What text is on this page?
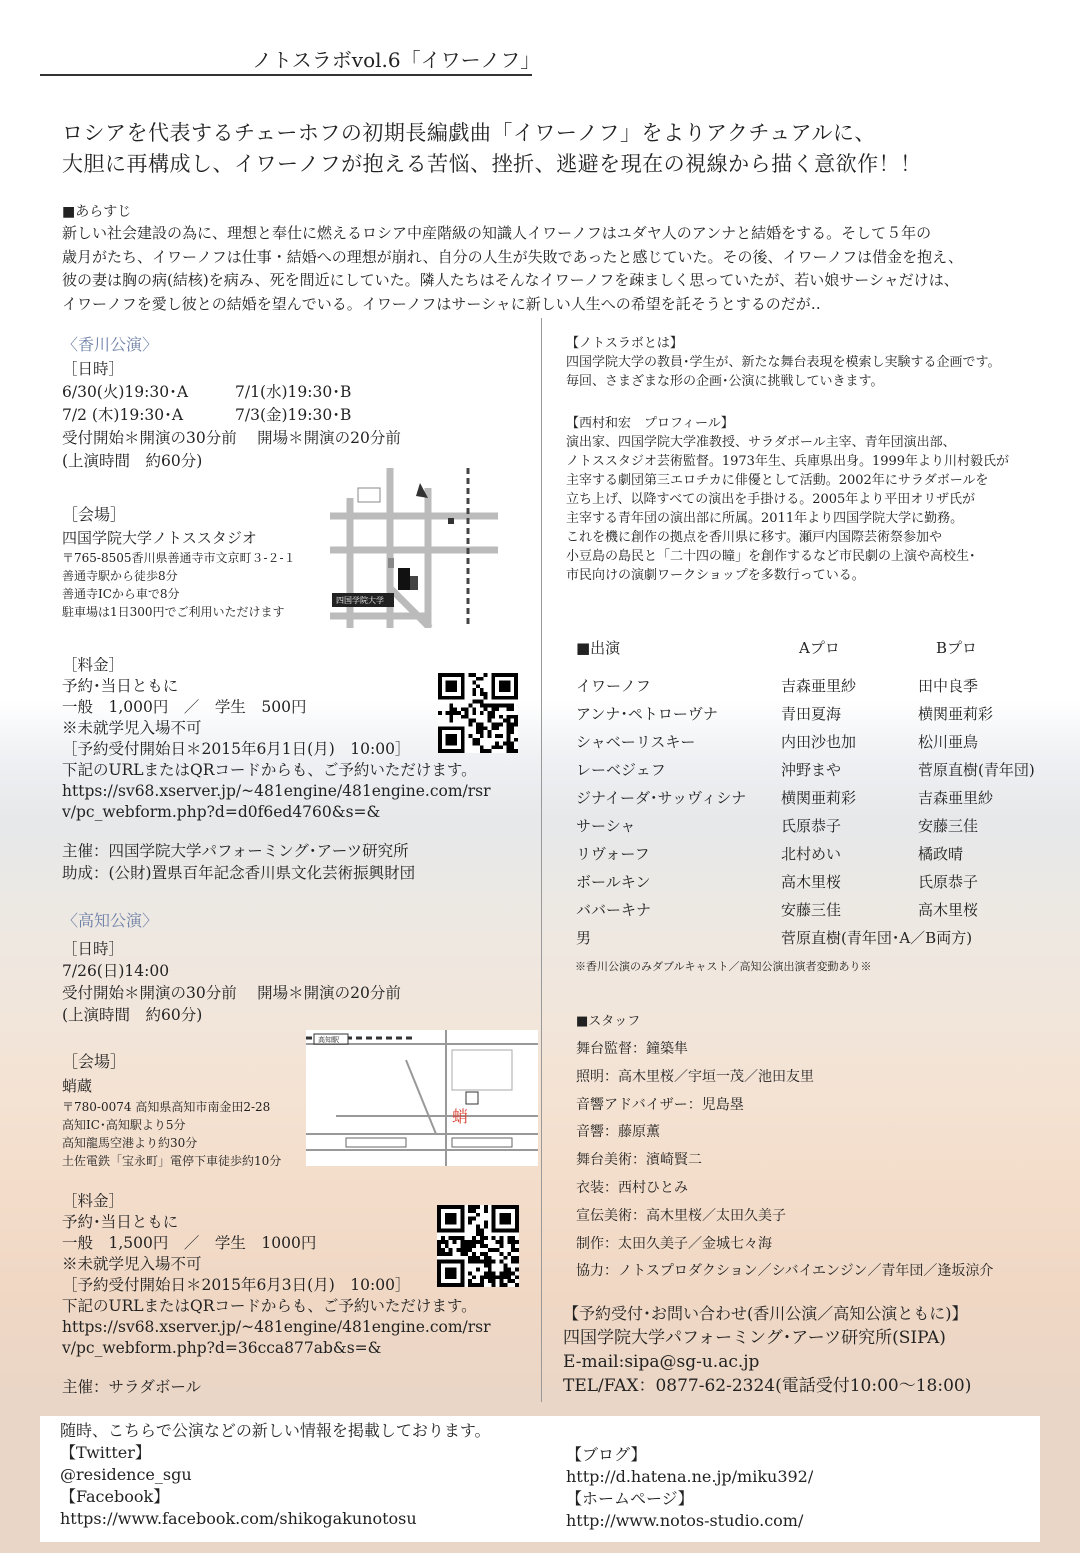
ノトスラボvol.6「イワーノフ」
ロシアを代表するチェーホフの初期長編戯曲「イワーノフ」をよりアクチュアルに、
大胆に再構成し、イワーノフが抱える苦悩、挫折、逃避を現在の視線から描く意欲作！！
■あらすじ
新しい社会建設の為に、理想と奉仕に燃えるロシア中産階級の知識人イワーノフはユダヤ人のアンナと結婚をする。そして５年の
歳月がたち、イワーノフは仕事・結婚への理想が崩れ、自分の人生が失敗であったと感じていた。その後、イワーノフは借金を抱え、
彼の妻は胸の病(結核)を病み、死を間近にしていた。隣人たちはそんなイワーノフを疎ましく思っていたが、若い娘サーシャだけは、
イワーノフを愛し彼との結婚を望んでいる。イワーノフはサーシャに新しい人生への希望を託そうとするのだが‥
〈香川公演〉
［日時］
6/30(火)19:30･A	7/1(水)19:30･B
7/2 (木)19:30･A	7/3(金)19:30･B
受付開始＊開演の30分前　 開場＊開演の20分前
(上演時間　約60分)
［会場］
四国学院大学ノトススタジオ
〒765-8505香川県善通寺市文京町３-２-１
善通寺駅から徒歩8分
善通寺ICから車で8分
駐車場は1日300円でご利用いただけます
四国学院大学
［料金］
予約･当日ともに
一般　1,000円　／　学生　500円
※未就学児入場不可
［予約受付開始日＊2015年6月1日(月)　10:00］
下記のURLまたはQRコードからも、ご予約いただけます。
https://sv68.xserver.jp/~481engine/481engine.com/rsr
v/pc_webform.php?d=d0f6ed4760&s=&
主催：四国学院大学パフォーミング･アーツ研究所
助成：(公財)置県百年記念香川県文化芸術振興財団
〈高知公演〉
［日時］
7/26(日)14:00
受付開始＊開演の30分前　 開場＊開演の20分前
(上演時間　約60分)
［会場］
蛸蔵
〒780-0074 高知県高知市南金田2-28
高知IC･高知駅より5分
高知龍馬空港より約30分
土佐電鉄「宝永町」電停下車徒歩約10分
高知駅
蛸
［料金］
予約･当日ともに
一般　1,500円　／　学生　1000円
※未就学児入場不可
［予約受付開始日＊2015年6月3日(月)　10:00］
下記のURLまたはQRコードからも、ご予約いただけます。
https://sv68.xserver.jp/~481engine/481engine.com/rsr
v/pc_webform.php?d=36cca877ab&s=&
主催：サラダボール
【ノトスラボとは】
四国学院大学の教員･学生が、新たな舞台表現を模索し実験する企画です。
毎回、さまざまな形の企画･公演に挑戦していきます。
【西村和宏　プロフィール】
演出家、四国学院大学准教授、サラダボール主宰、青年団演出部、
ノトススタジオ芸術監督。1973年生、兵庫県出身。1999年より川村毅氏が
主宰する劇団第三エロチカに俳優として活動。2002年にサラダボールを
立ち上げ、以降すべての演出を手掛ける。2005年より平田オリザ氏が
主宰する青年団の演出部に所属。2011年より四国学院大学に勤務。
これを機に創作の拠点を香川県に移す。瀬戸内国際芸術祭参加や
小豆島の島民と「二十四の瞳」を創作するなど市民劇の上演や高校生･
市民向けの演劇ワークショップを多数行っている。
■出演	Aプロ	Bプロ
イワーノフ	吉森亜里紗	田中良季
アンナ･ペトローヴナ	青田夏海	横関亜莉彩
シャベーリスキー	内田沙也加	松川亜鳥
レーベジェフ	沖野まや	菅原直樹(青年団)
ジナイーダ･サッヴィシナ	横関亜莉彩	吉森亜里紗
サーシャ	氏原恭子	安藤三佳
リヴォーフ	北村めい	橘政晴
ボールキン	高木里桜	氏原恭子
ババーキナ	安藤三佳	高木里桜
男	菅原直樹(青年団･A／B両方)
※香川公演のみダブルキャスト／高知公演出演者変動あり※
■スタッフ
舞台監督：鐘築隼
照明：高木里桜／宇垣一茂／池田友里
音響アドバイザー：児島塁
音響：藤原薫
舞台美術：濱崎賢二
衣装：西村ひとみ
宣伝美術：高木里桜／太田久美子
制作：太田久美子／金城七々海
協力：ノトスプロダクション／シバイエンジン／青年団／逢坂涼介
【予約受付･お問い合わせ(香川公演／高知公演ともに)】
四国学院大学パフォーミング･アーツ研究所(SIPA)
E-mail:sipa@sg-u.ac.jp
TEL/FAX：0877-62-2324(電話受付10:00〜18:00)
随時、こちらで公演などの新しい情報を掲載しております。
【Twitter】
@residence_sgu
【Facebook】
https://www.facebook.com/shikogakunotosu
【ブログ】
http://d.hatena.ne.jp/miku392/
【ホームページ】
http://www.notos-studio.com/
